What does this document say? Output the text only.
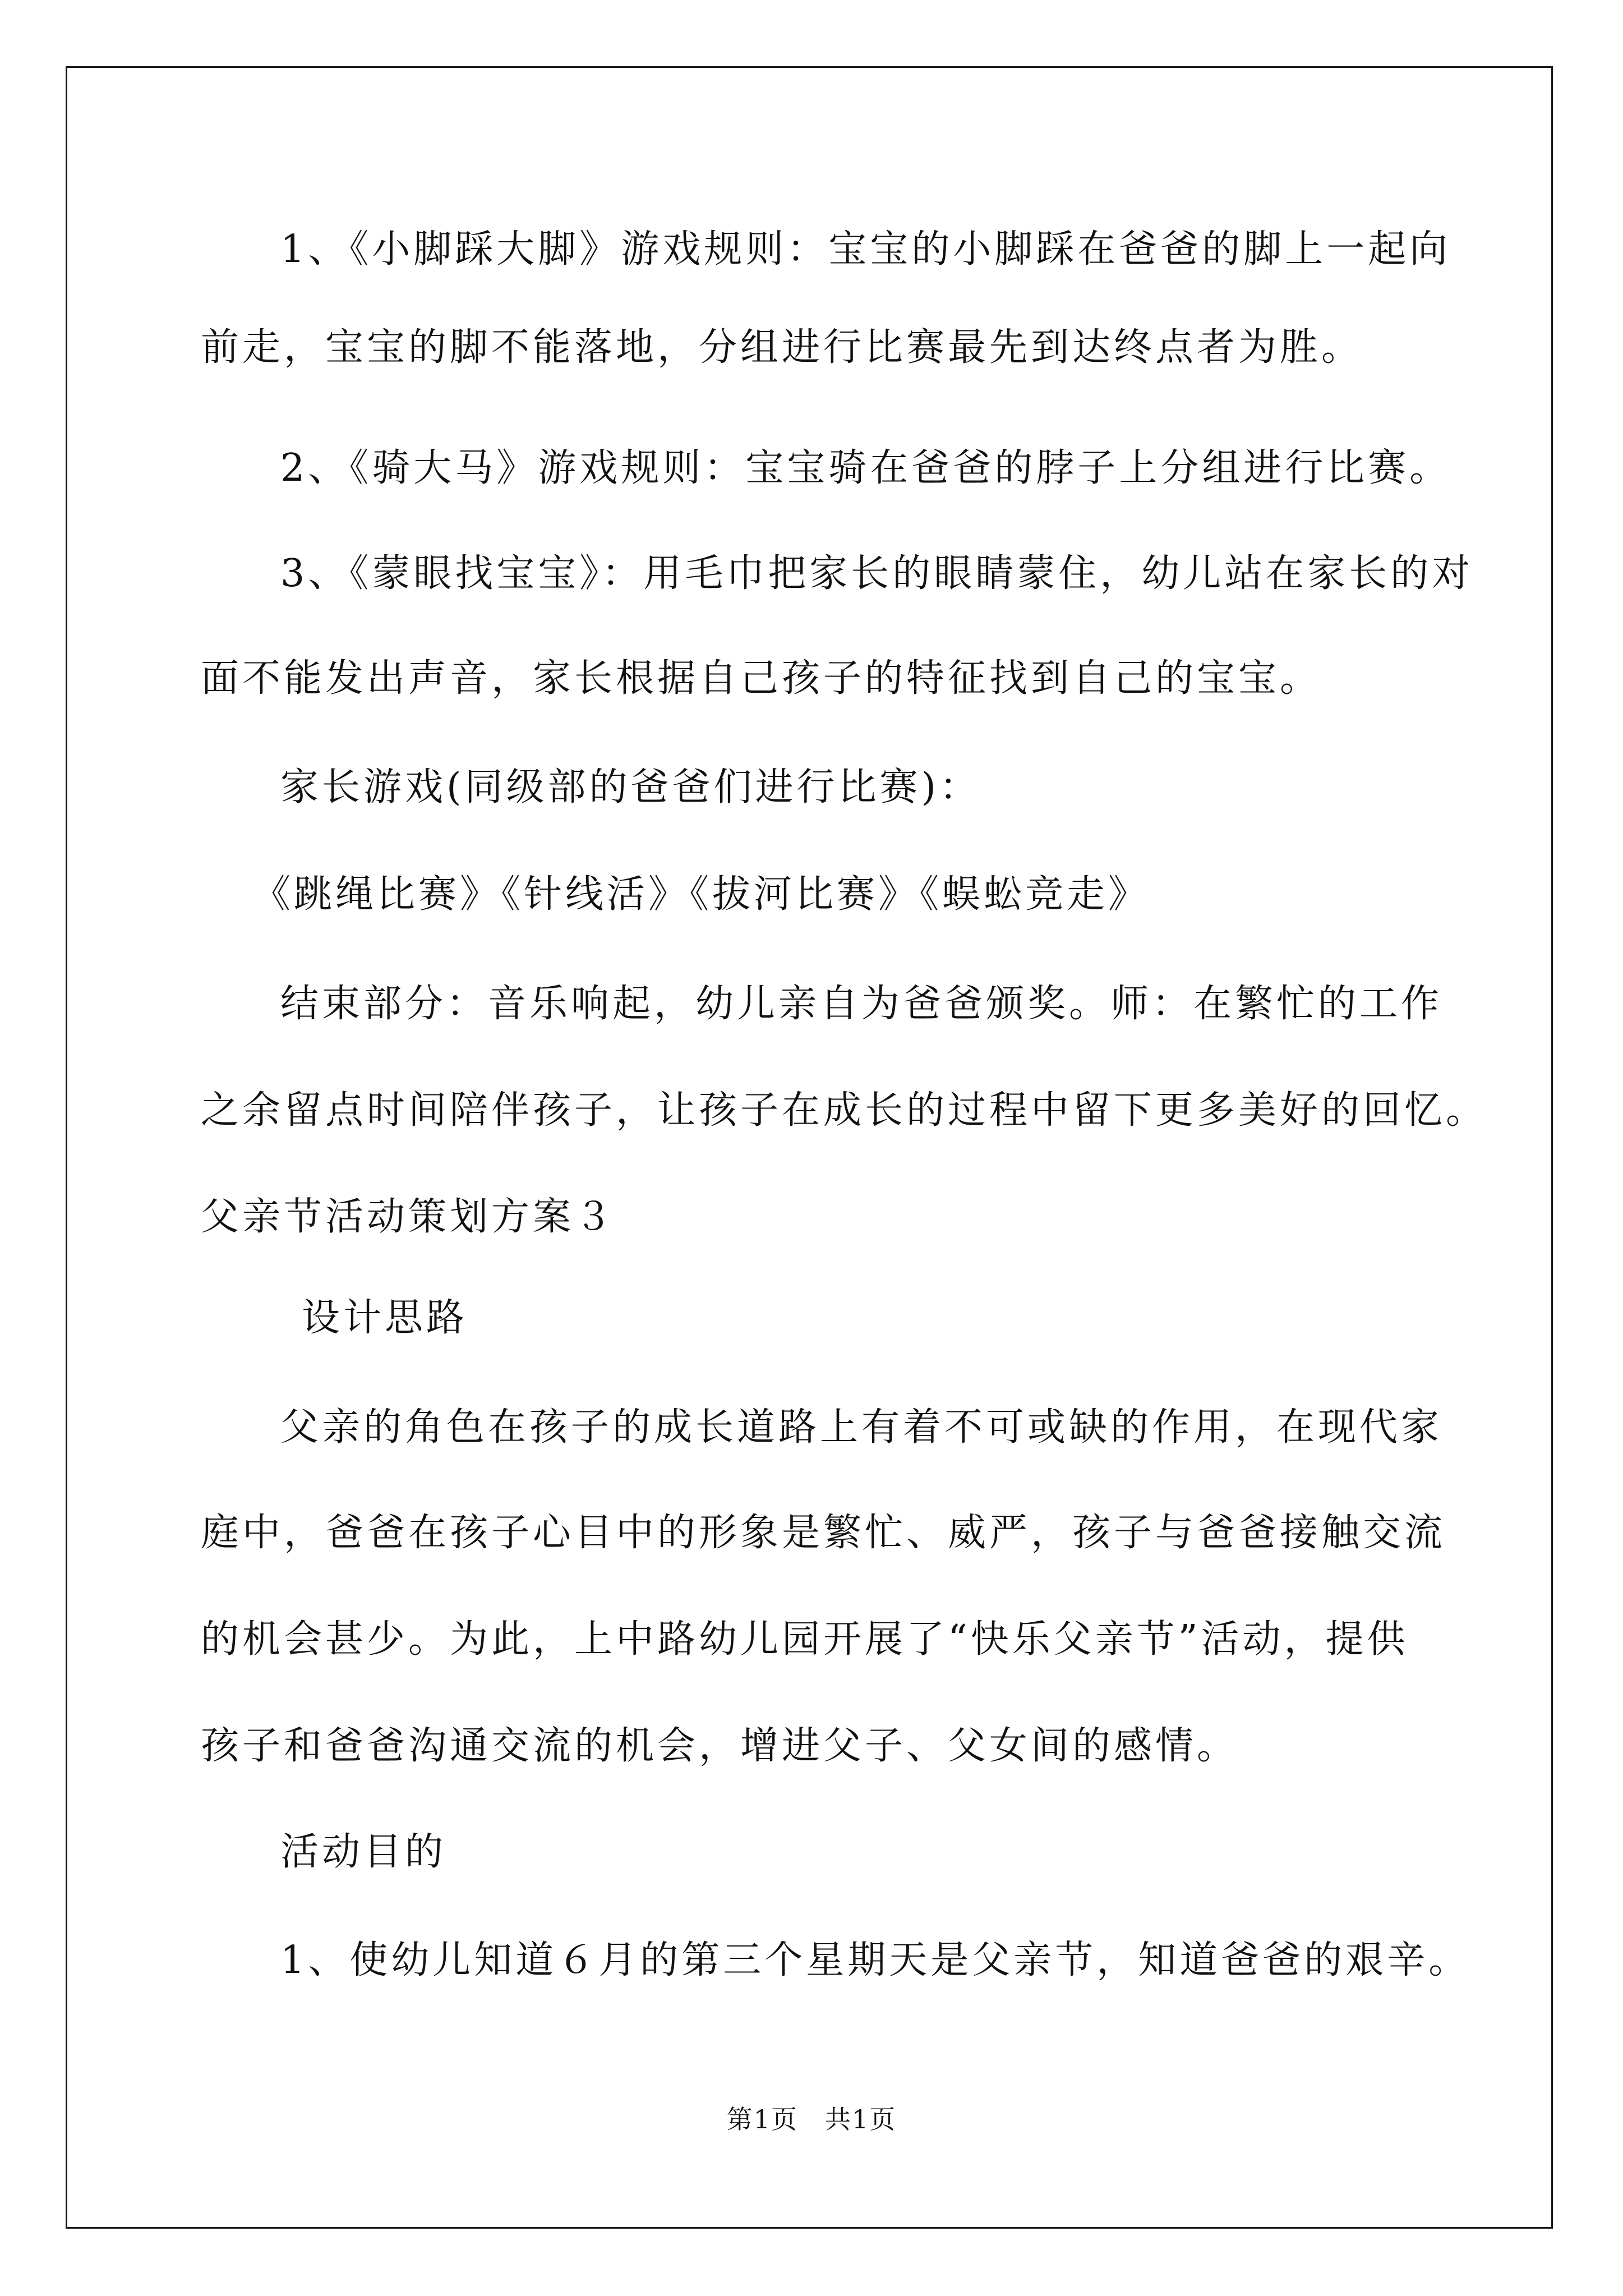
1、《小脚踩大脚》游戏规则：宝宝的小脚踩在爸爸的脚上一起向
前走，宝宝的脚不能落地，分组进行比赛最先到达终点者为胜。
2、《骑大马》游戏规则：宝宝骑在爸爸的脖子上分组进行比赛。
3、《蒙眼找宝宝》：用毛巾把家长的眼睛蒙住，幼儿站在家长的对
面不能发出声音，家长根据自己孩子的特征找到自己的宝宝。
家长游戏(同级部的爸爸们进行比赛)：
《跳绳比赛》《针线活》《拔河比赛》《蜈蚣竞走》
结束部分：音乐响起，幼儿亲自为爸爸颁奖。师：在繁忙的工作
之余留点时间陪伴孩子，让孩子在成长的过程中留下更多美好的回忆。
父亲节活动策划方案３
设计思路
父亲的角色在孩子的成长道路上有着不可或缺的作用，在现代家
庭中，爸爸在孩子心目中的形象是繁忙、威严，孩子与爸爸接触交流
的机会甚少。为此，上中路幼儿园开展了“快乐父亲节”活动，提供
孩子和爸爸沟通交流的机会，增进父子、父女间的感情。
活动目的
1、使幼儿知道６月的第三个星期天是父亲节，知道爸爸的艰辛。
第1页　共1页
